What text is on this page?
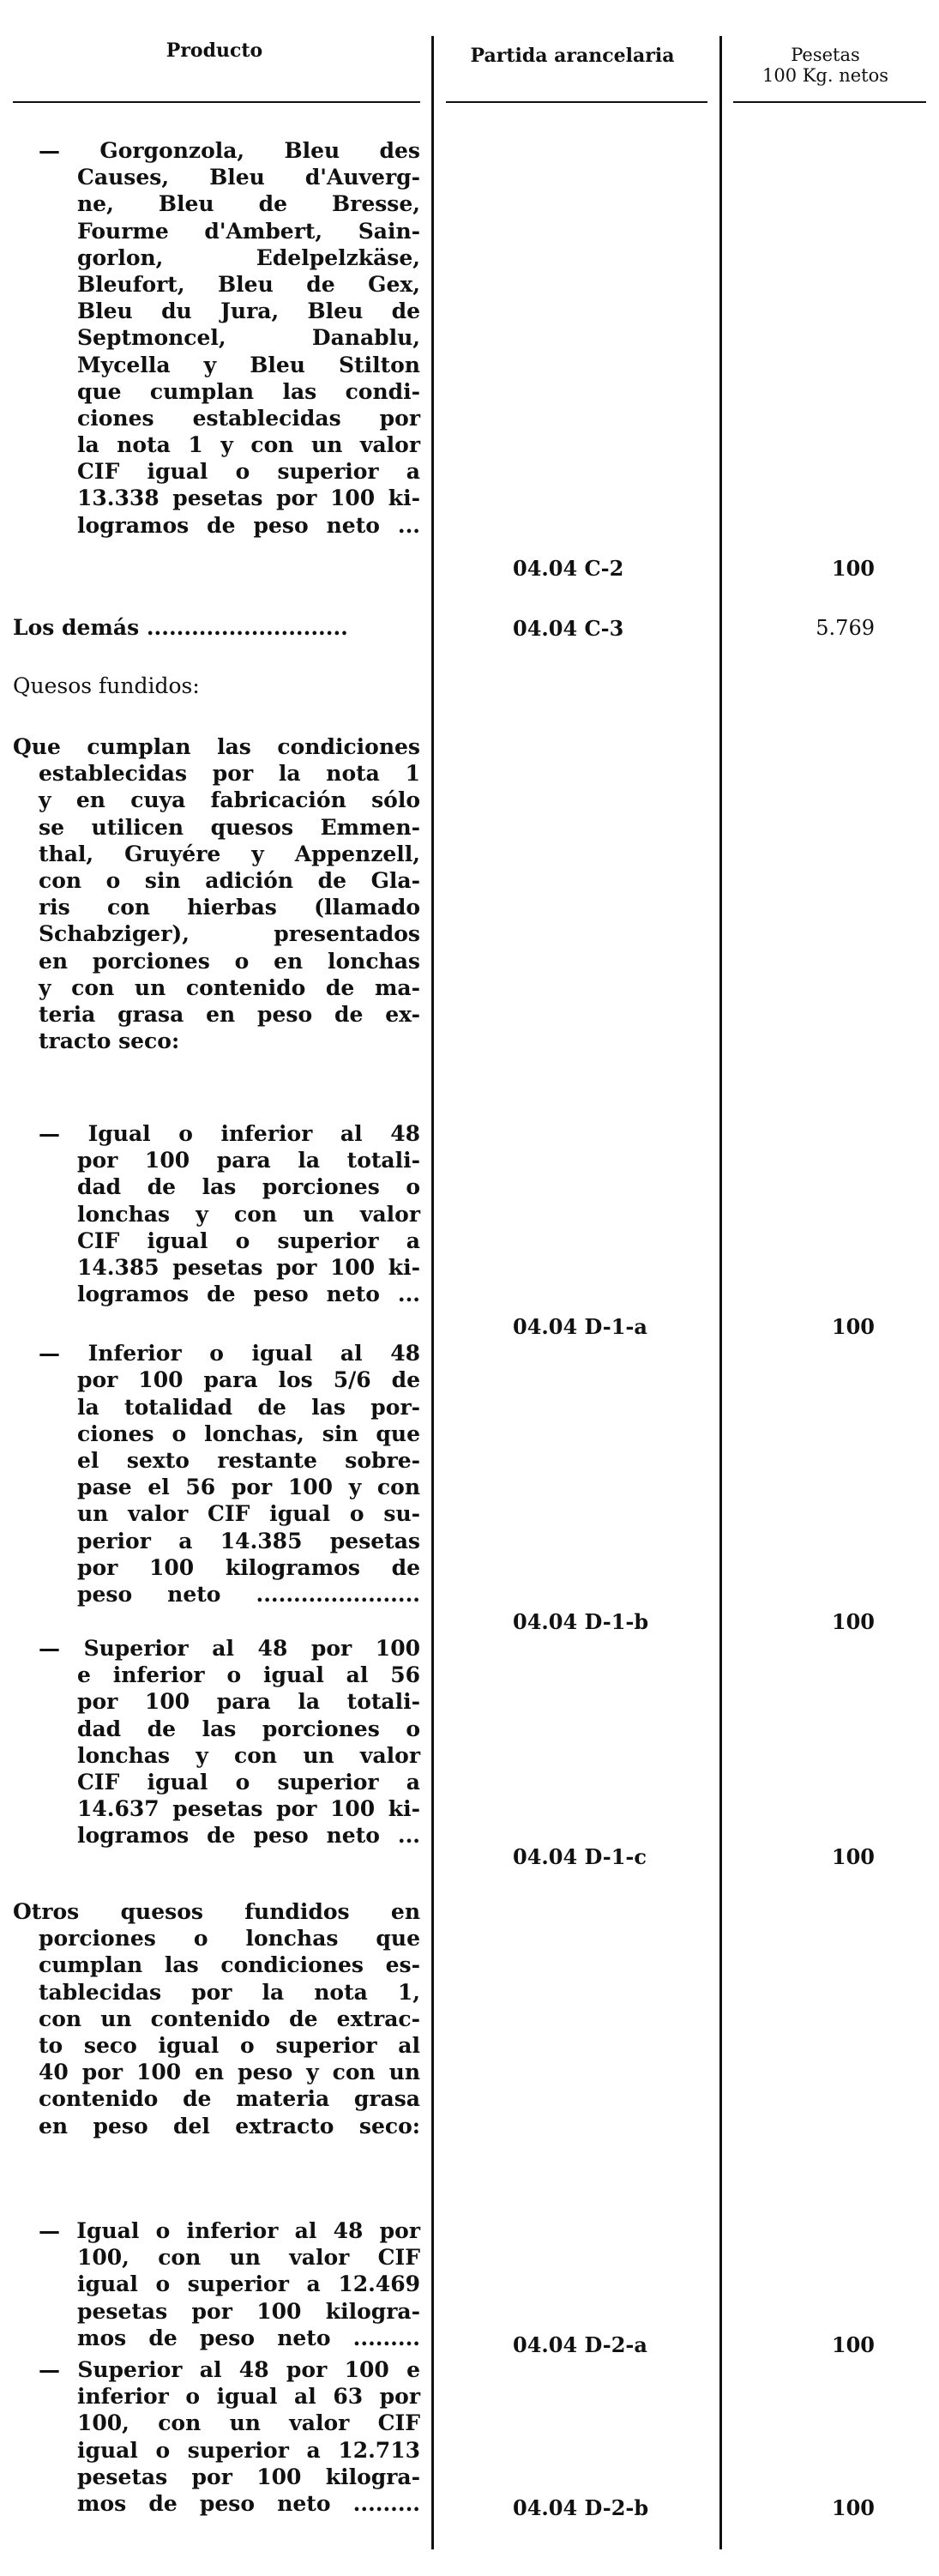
Producto	Partida arancelaria	Pesetas
100 Kg. netos
— Gorgonzola, Bleu des
Causes, Bleu d'Auverg-
ne, Bleu de Bresse,
Fourme d'Ambert, Sain-
gorlon, Edelpelzkäse,
Bleufort, Bleu de Gex,
Bleu du Jura, Bleu de
Septmoncel, Danablu,
Mycella y Bleu Stilton
que cumplan las condi-
ciones establecidas por
la nota 1 y con un valor
CIF igual o superior a
13.338 pesetas por 100 ki-
logramos de peso neto ...
04.04 C-2	100
Los demás ...........................	04.04 C-3	5.769
Quesos fundidos:
Que cumplan las condiciones
establecidas por la nota 1
y en cuya fabricación sólo
se utilicen quesos Emmen-
thal, Gruyére y Appenzell,
con o sin adición de Gla-
ris con hierbas (llamado
Schabziger), presentados
en porciones o en lonchas
y con un contenido de ma-
teria grasa en peso de ex-
tracto seco:
— Igual o inferior al 48
por 100 para la totali-
dad de las porciones o
lonchas y con un valor
CIF igual o superior a
14.385 pesetas por 100 ki-
logramos de peso neto ...
04.04 D-1-a	100
— Inferior o igual al 48
por 100 para los 5/6 de
la totalidad de las por-
ciones o lonchas, sin que
el sexto restante sobre-
pase el 56 por 100 y con
un valor CIF igual o su-
perior a 14.385 pesetas
por 100 kilogramos de
peso neto ......................
04.04 D-1-b	100
— Superior al 48 por 100
e inferior o igual al 56
por 100 para la totali-
dad de las porciones o
lonchas y con un valor
CIF igual o superior a
14.637 pesetas por 100 ki-
logramos de peso neto ...
04.04 D-1-c	100
Otros quesos fundidos en
porciones o lonchas que
cumplan las condiciones es-
tablecidas por la nota 1,
con un contenido de extrac-
to seco igual o superior al
40 por 100 en peso y con un
contenido de materia grasa
en peso del extracto seco:
— Igual o inferior al 48 por
100, con un valor CIF
igual o superior a 12.469
pesetas por 100 kilogra-
mos de peso neto .........	04.04 D-2-a	100
— Superior al 48 por 100 e
inferior o igual al 63 por
100, con un valor CIF
igual o superior a 12.713
pesetas por 100 kilogra-
mos de peso neto .........	04.04 D-2-b	100
